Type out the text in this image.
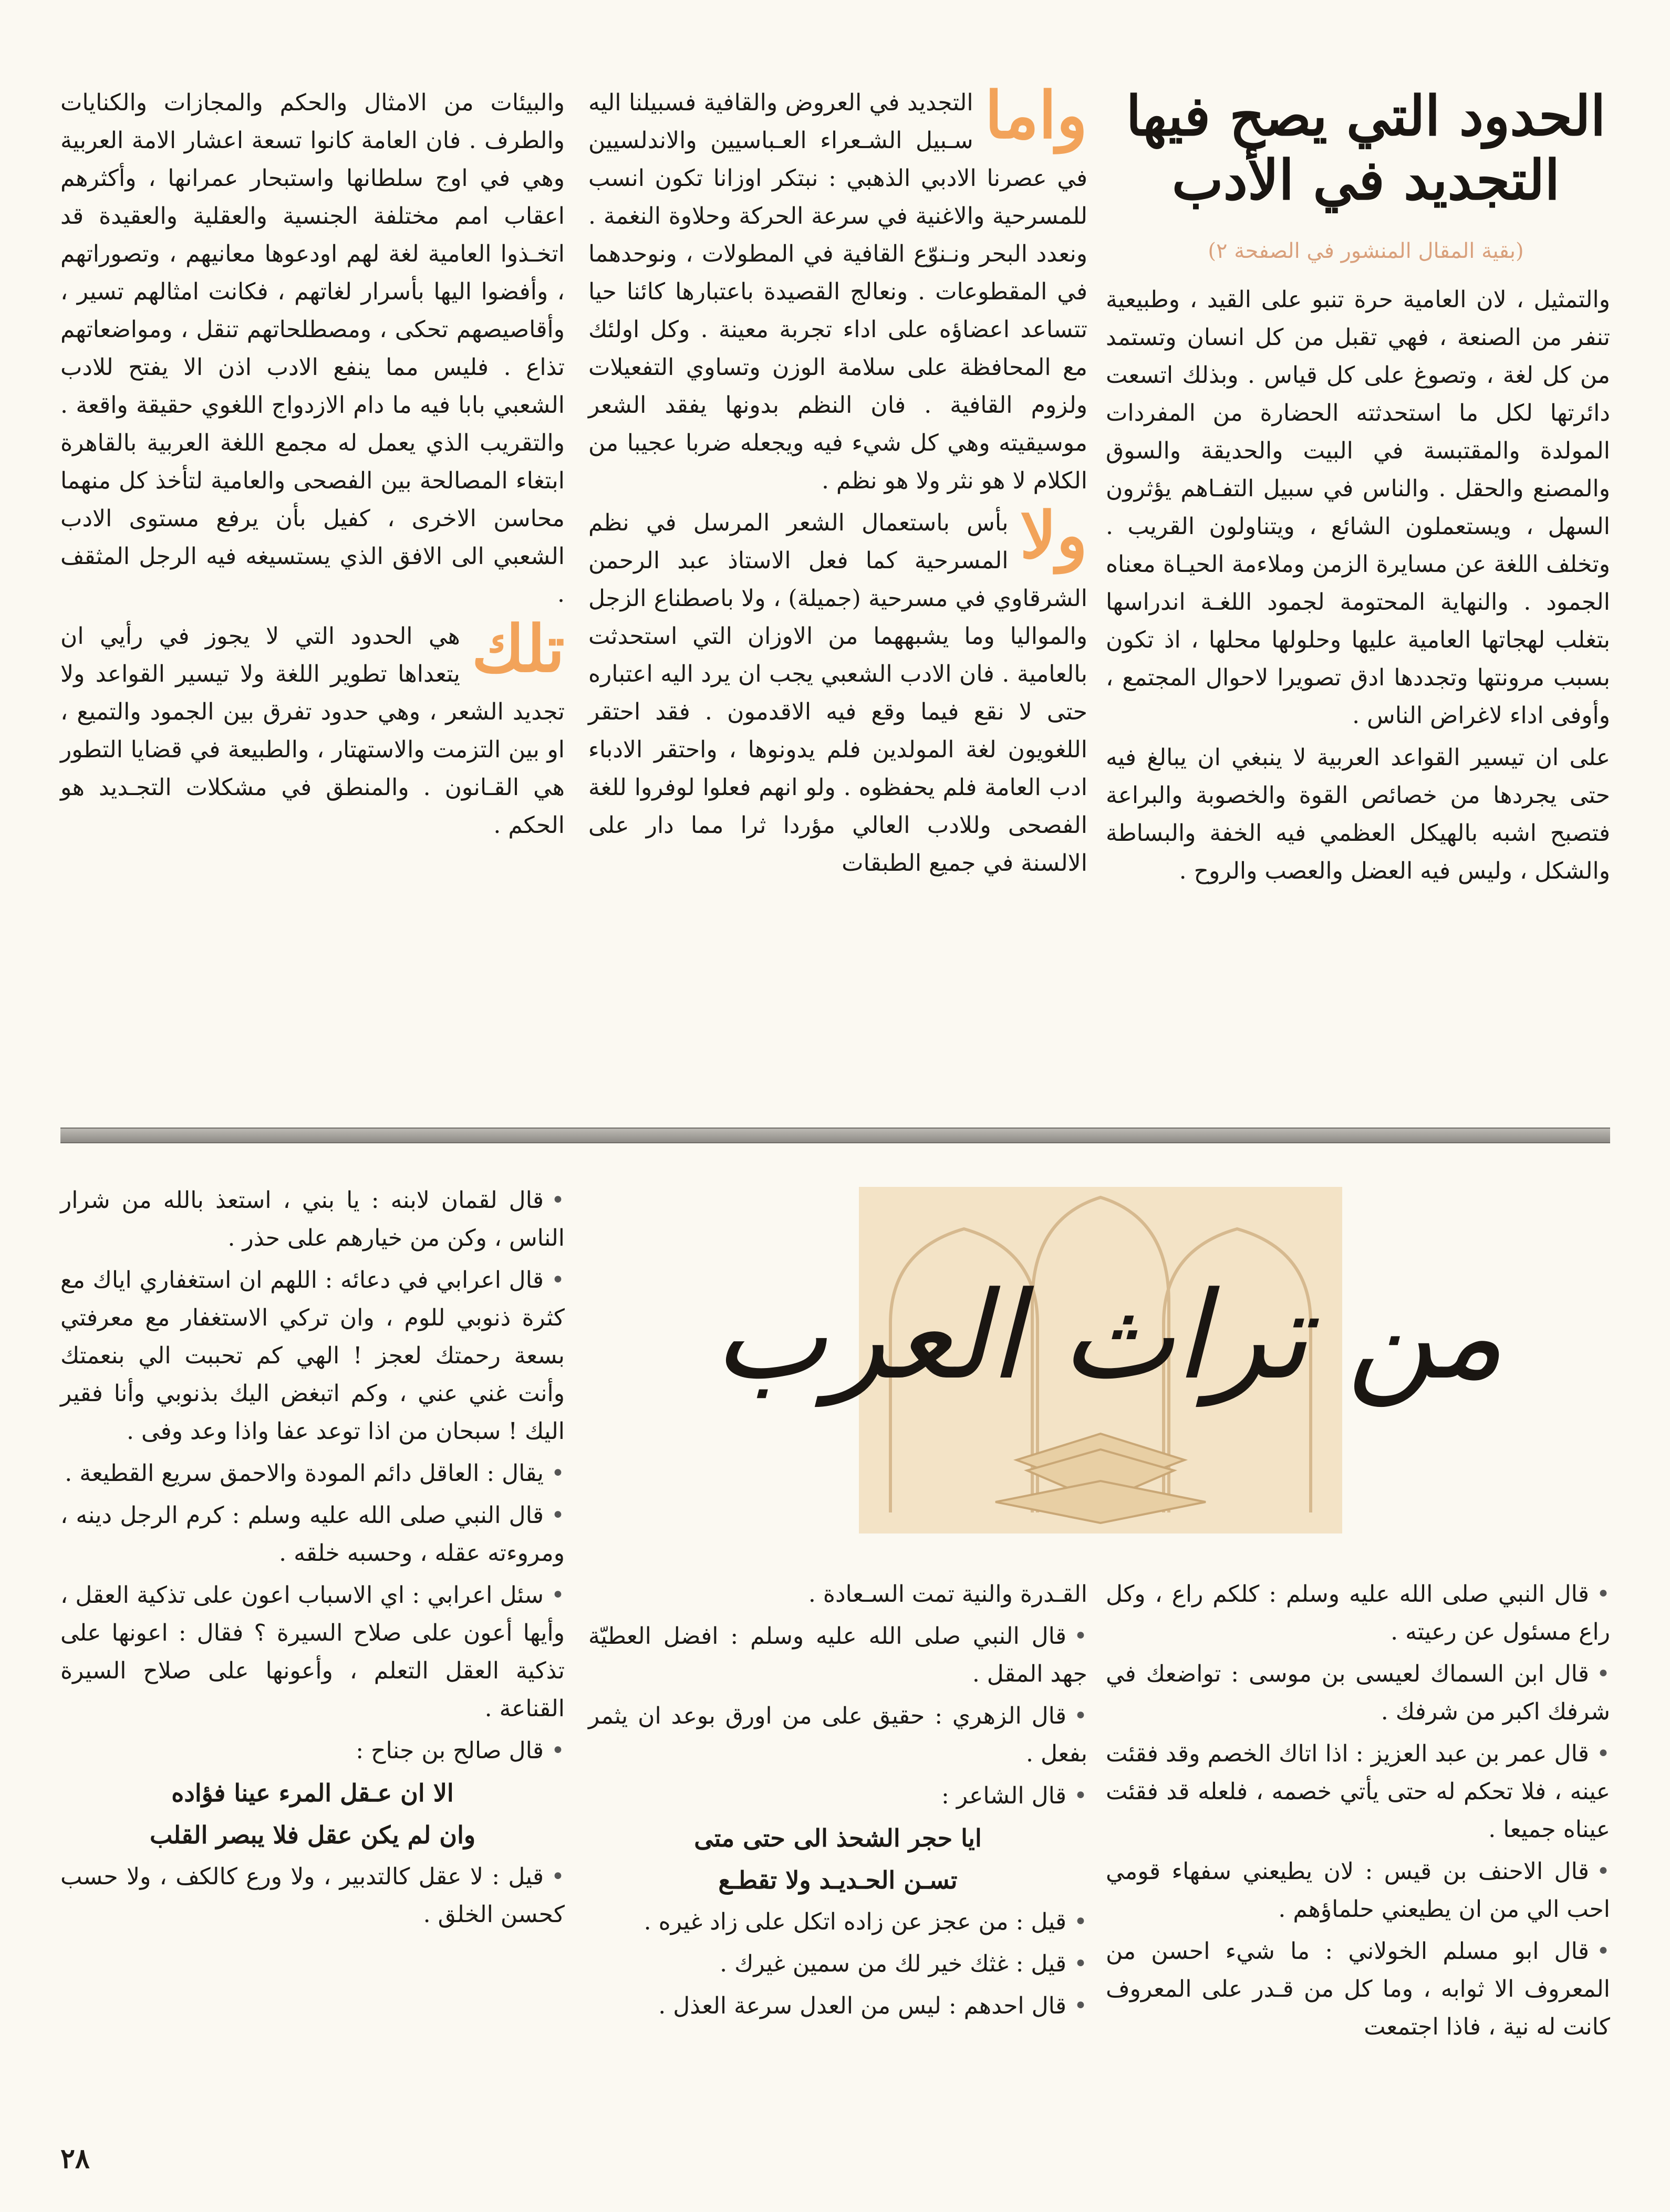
الحدود التي يصح فيها التجديد في الأدب
(بقية المقال المنشور في الصفحة ٢)

والتمثيل ، لان العامية حرة تنبو على القيد ، وطبيعية تنفر من الصنعة ، فهي تقبل من كل انسان وتستمد من كل لغة ، وتصوغ على كل قياس . وبذلك اتسعت دائرتها لكل ما استحدثته الحضارة من المفردات المولدة والمقتبسة في البيت والحديقة والسوق والمصنع والحقل . والناس في سبيل التفـاهم يؤثرون السهل ، ويستعملون الشائع ، ويتناولون القريب . وتخلف اللغة عن مسايرة الزمن وملاءمة الحيـاة معناه الجمود . والنهاية المحتومة لجمود اللغـة اندراسها بتغلب لهجاتها العامية عليها وحلولها محلها ، اذ تكون بسبب مرونتها وتجددها ادق تصويرا لاحوال المجتمع ، وأوفى اداء لاغراض الناس .

على ان تيسير القواعد العربية لا ينبغي ان يبالغ فيه حتى يجردها من خصائص القوة والخصوبة والبراعة فتصبح اشبه بالهيكل العظمي فيه الخفة والبساطة والشكل ، وليس فيه العضل والعصب والروح .

واما
التجديد في العروض والقافية فسبيلنا اليه سـبيل الشـعراء العـباسيين والاندلسيين في عصرنا الادبي الذهبي : نبتكر اوزانا تكون انسب للمسرحية والاغنية في سرعة الحركة وحلاوة النغمة . ونعدد البحر ونـنوّع القافية في المطولات ، ونوحدهما في المقطوعات . ونعالج القصيدة باعتبارها كائنا حيا تتساعد اعضاؤه على اداء تجربة معينة . وكل اولئك مع المحافظة على سلامة الوزن وتساوي التفعيلات ولزوم القافية . فان النظم بدونها يفقد الشعر موسيقيته وهي كل شيء فيه ويجعله ضربا عجيبا من الكلام لا هو نثر ولا هو نظم .

ولا
بأس باستعمال الشعر المرسل في نظم المسرحية كما فعل الاستاذ عبد الرحمن الشرقاوي في مسرحية (جميلة) ، ولا باصطناع الزجل والمواليا وما يشبههما من الاوزان التي استحدثت بالعامية . فان الادب الشعبي يجب ان يرد اليه اعتباره حتى لا نقع فيما وقع فيه الاقدمون . فقد احتقر اللغويون لغة المولدين فلم يدونوها ، واحتقر الادباء ادب العامة فلم يحفظوه . ولو انهم فعلوا لوفروا للغة الفصحى وللادب العالي مؤردا ثرا مما دار على الالسنة في جميع الطبقات

والبيئات من الامثال والحكم والمجازات والكنايات والطرف . فان العامة كانوا تسعة اعشار الامة العربية وهي في اوج سلطانها واستبحار عمرانها ، وأكثرهم اعقاب امم مختلفة الجنسية والعقلية والعقيدة قد اتخـذوا العامية لغة لهم اودعوها معانيهم ، وتصوراتهم ، وأفضوا اليها بأسرار لغاتهم ، فكانت امثالهم تسير ، وأقاصيصهم تحكى ، ومصطلحاتهم تنقل ، ومواضعاتهم تذاع . فليس مما ينفع الادب اذن الا يفتح للادب الشعبي بابا فيه ما دام الازدواج اللغوي حقيقة واقعة . والتقريب الذي يعمل له مجمع اللغة العربية بالقاهرة ابتغاء المصالحة بين الفصحى والعامية لتأخذ كل منهما محاسن الاخرى ، كفيل بأن يرفع مستوى الادب الشعبي الى الافق الذي يستسيغه فيه الرجل المثقف .

تلك
هي الحدود التي لا يجوز في رأيي ان يتعداها تطوير اللغة ولا تيسير القواعد ولا تجديد الشعر ، وهي حدود تفرق بين الجمود والتميع ، او بين التزمت والاستهتار ، والطبيعة في قضايا التطور هي القـانون . والمنطق في مشكلات التجـديد هو الحكم .

من تراث العرب

•قال لقمان لابنه : يا بني ، استعذ بالله من شرار الناس ، وكن من خيارهم على حذر .

•قال اعرابي في دعائه : اللهم ان استغفاري اياك مع كثرة ذنوبي للوم ، وان تركي الاستغفار مع معرفتي بسعة رحمتك لعجز ! الهي كم تحببت الي بنعمتك وأنت غني عني ، وكم اتبغض اليك بذنوبي وأنا فقير اليك ! سبحان من اذا توعد عفا واذا وعد وفى .

•يقال : العاقل دائم المودة والاحمق سريع القطيعة .

•قال النبي صلى الله عليه وسلم : كرم الرجل دينه ، ومروءته عقله ، وحسبه خلقه .

•سئل اعرابي : اي الاسباب اعون على تذكية العقل ، وأيها أعون على صلاح السيرة ؟ فقال : اعونها على تذكية العقل التعلم ، وأعونها على صلاح السيرة القناعة .

•قال صالح بن جناح :

الا ان عـقل المرء عينا فؤاده

وان لم يكن عقل فلا يبصر القلب

•قيل : لا عقل كالتدبير ، ولا ورع كالكف ، ولا حسب كحسن الخلق .

القـدرة والنية تمت السـعادة .

•قال النبي صلى الله عليه وسلم : افضل العطيّة جهد المقل .

•قال الزهري : حقيق على من اورق بوعد ان يثمر بفعل .

•قال الشاعر :

ايا حجر الشحذ الى حتى متى

تسـن الحـديـد ولا تقطـع

•قيل : من عجز عن زاده اتكل على زاد غيره .

•قيل : غثك خير لك من سمين غيرك .

•قال احدهم : ليس من العدل سرعة العذل .

•قال النبي صلى الله عليه وسلم : كلكم راع ، وكل راع مسئول عن رعيته .

•قال ابن السماك لعيسى بن موسى : تواضعك في شرفك اكبر من شرفك .

•قال عمر بن عبد العزيز : اذا اتاك الخصم وقد فقئت عينه ، فلا تحكم له حتى يأتي خصمه ، فلعله قد فقئت عيناه جميعا .

•قال الاحنف بن قيس : لان يطيعني سفهاء قومي احب الي من ان يطيعني حلماؤهم .

•قال ابو مسلم الخولاني : ما شيء احسن من المعروف الا ثوابه ، وما كل من قـدر على المعروف كانت له نية ، فاذا اجتمعت

٢٨
